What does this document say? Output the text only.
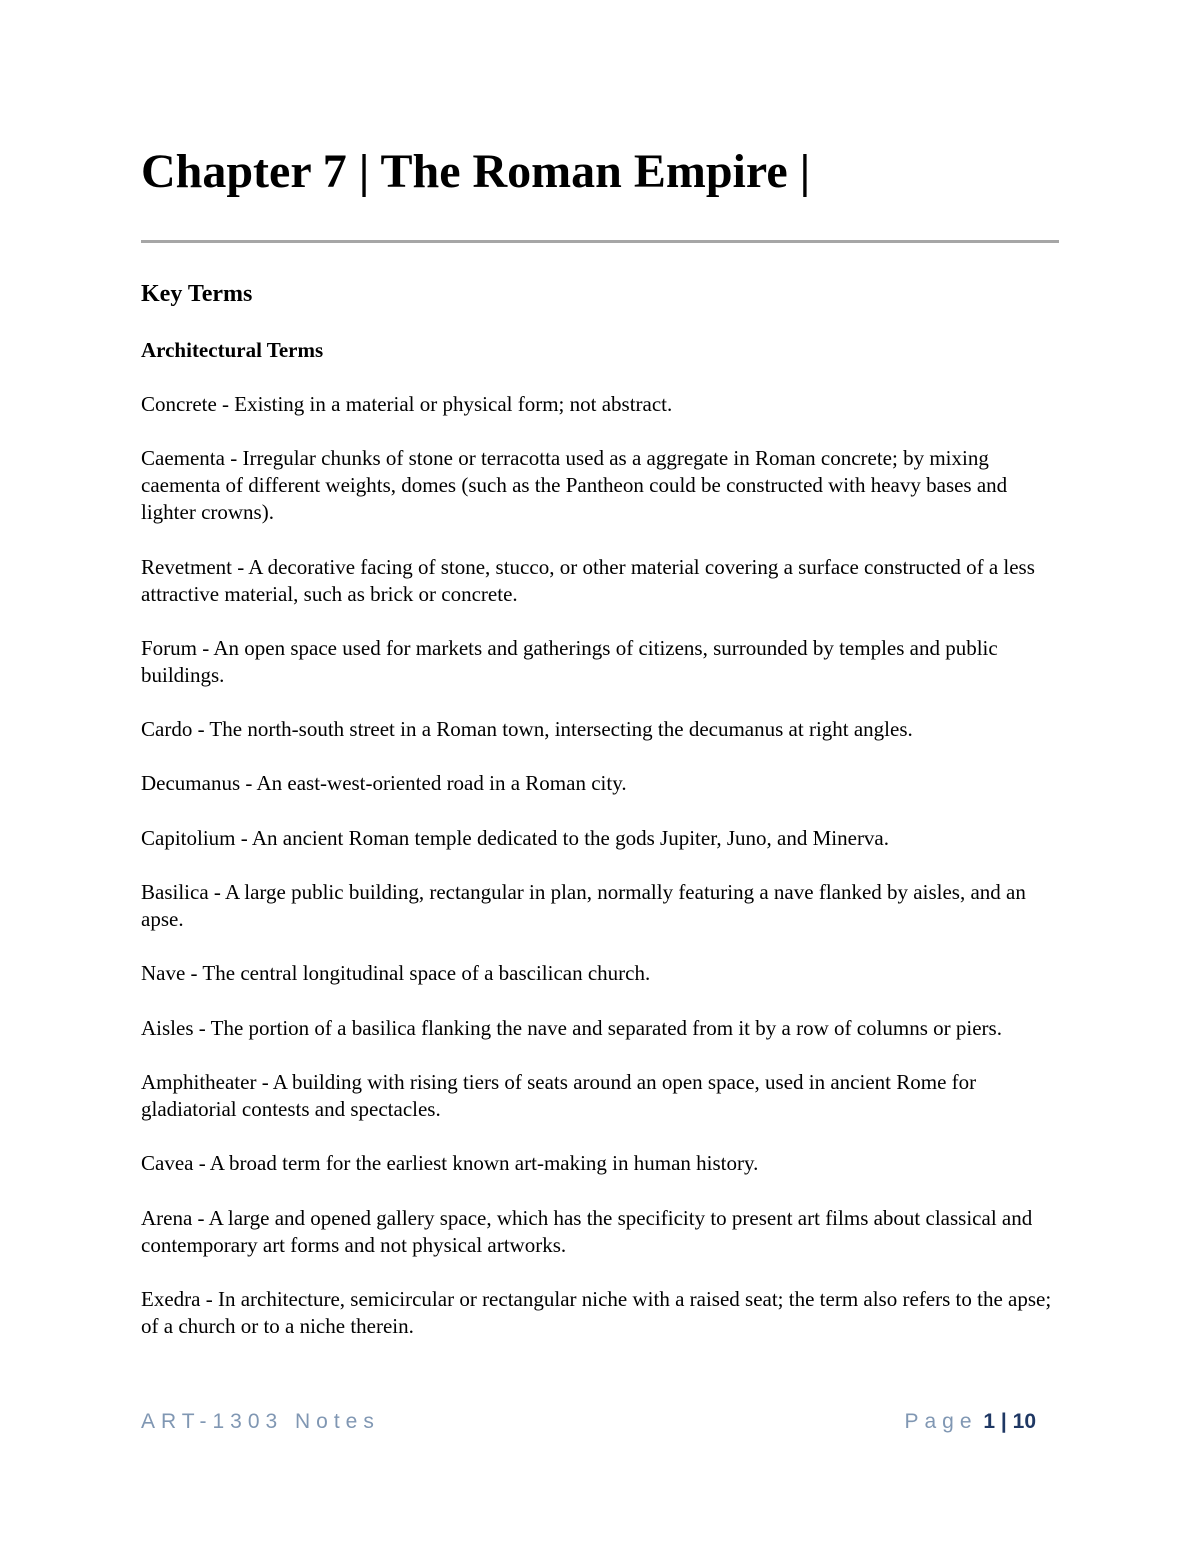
Chapter 7 | The Roman Empire |
Key Terms
Architectural Terms
Concrete - Existing in a material or physical form; not abstract.
Caementa - Irregular chunks of stone or terracotta used as a aggregate in Roman concrete; by mixing caementa of different weights, domes (such as the Pantheon could be constructed with heavy bases and lighter crowns).
Revetment - A decorative facing of stone, stucco, or other material covering a surface constructed of a less attractive material, such as brick or concrete.
Forum - An open space used for markets and gatherings of citizens, surrounded by temples and public buildings.
Cardo - The north-south street in a Roman town, intersecting the decumanus at right angles.
Decumanus - An east-west-oriented road in a Roman city.
Capitolium - An ancient Roman temple dedicated to the gods Jupiter, Juno, and Minerva.
Basilica - A large public building, rectangular in plan, normally featuring a nave flanked by aisles, and an apse.
Nave - The central longitudinal space of a bascilican church.
Aisles - The portion of a basilica flanking the nave and separated from it by a row of columns or piers.
Amphitheater - A building with rising tiers of seats around an open space, used in ancient Rome for gladiatorial contests and spectacles.
Cavea - A broad term for the earliest known art-making in human history.
Arena - A large and opened gallery space, which has the specificity to present art films about classical and contemporary art forms and not physical artworks.
Exedra - In architecture, semicircular or rectangular niche with a raised seat; the term also refers to the apse; of a church or to a niche therein.
ART-1303 Notes	Page 1 | 10
